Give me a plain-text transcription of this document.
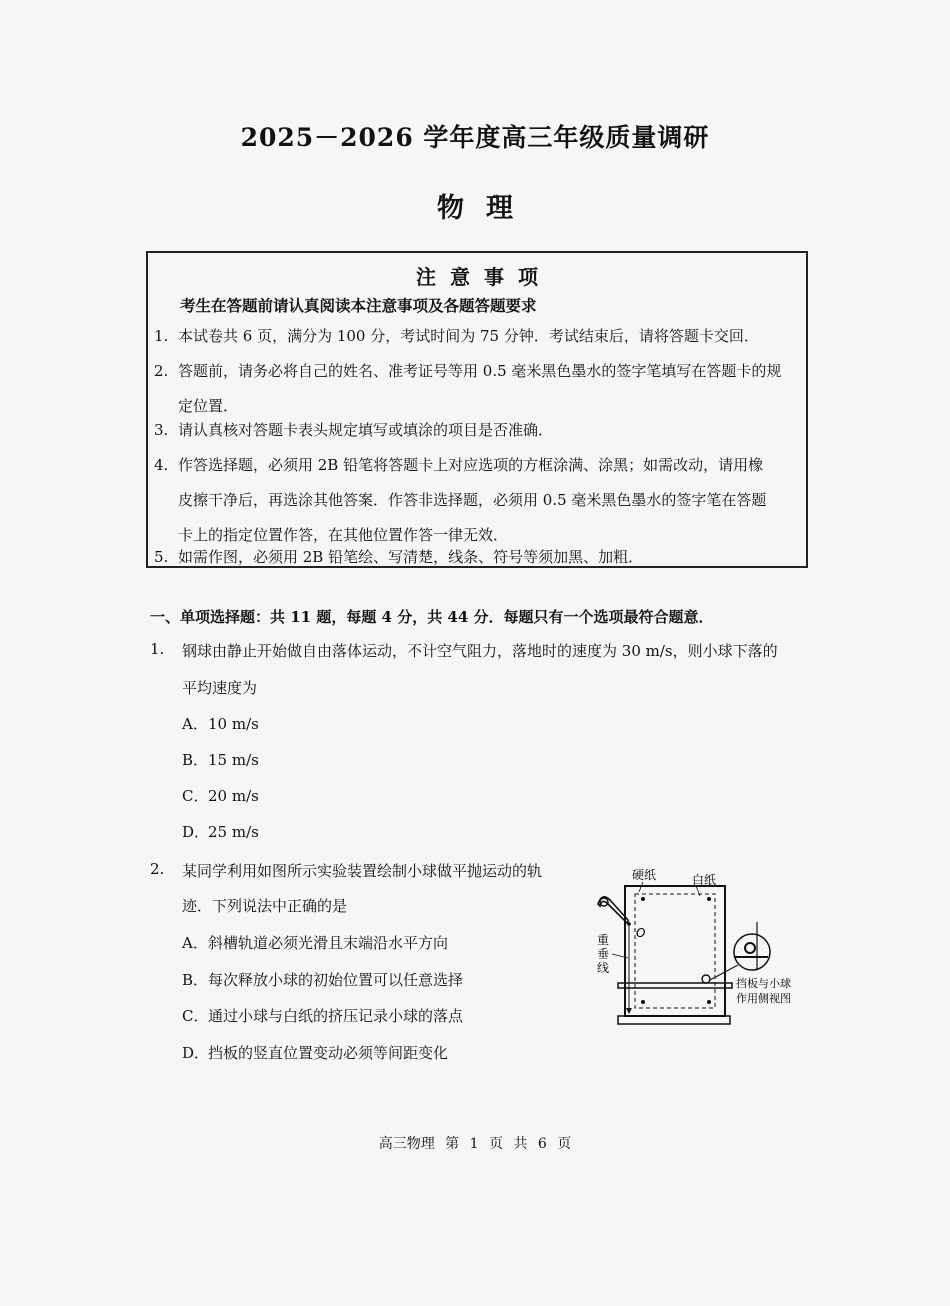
2025－2026 学年度高三年级质量调研
物理
注意事项
考生在答题前请认真阅读本注意事项及各题答题要求
1. 本试卷共 6 页，满分为 100 分，考试时间为 75 分钟．考试结束后，请将答题卡交回．
2. 答题前，请务必将自己的姓名、准考证号等用 0.5 毫米黑色墨水的签字笔填写在答题卡的规
定位置．
3. 请认真核对答题卡表头规定填写或填涂的项目是否准确．
4. 作答选择题，必须用 2B 铅笔将答题卡上对应选项的方框涂满、涂黑；如需改动，请用橡
皮擦干净后，再选涂其他答案．作答非选择题，必须用 0.5 毫米黑色墨水的签字笔在答题
卡上的指定位置作答，在其他位置作答一律无效．
5. 如需作图，必须用 2B 铅笔绘、写清楚，线条、符号等须加黑、加粗．
一、单项选择题：共 11 题，每题 4 分，共 44 分．每题只有一个选项最符合题意．
1. 钢球由静止开始做自由落体运动，不计空气阻力，落地时的速度为 30 m/s，则小球下落的
平均速度为
A．10 m/s
B．15 m/s
C．20 m/s
D．25 m/s
2. 某同学利用如图所示实验装置绘制小球做平抛运动的轨
迹．下列说法中正确的是
A．斜槽轨道必须光滑且末端沿水平方向
B．每次释放小球的初始位置可以任意选择
C．通过小球与白纸的挤压记录小球的落点
D．挡板的竖直位置变动必须等间距变化
硬纸	白纸
O
重
垂
线
挡板与小球
作用侧视图
高三物理 第 1 页 共 6 页
